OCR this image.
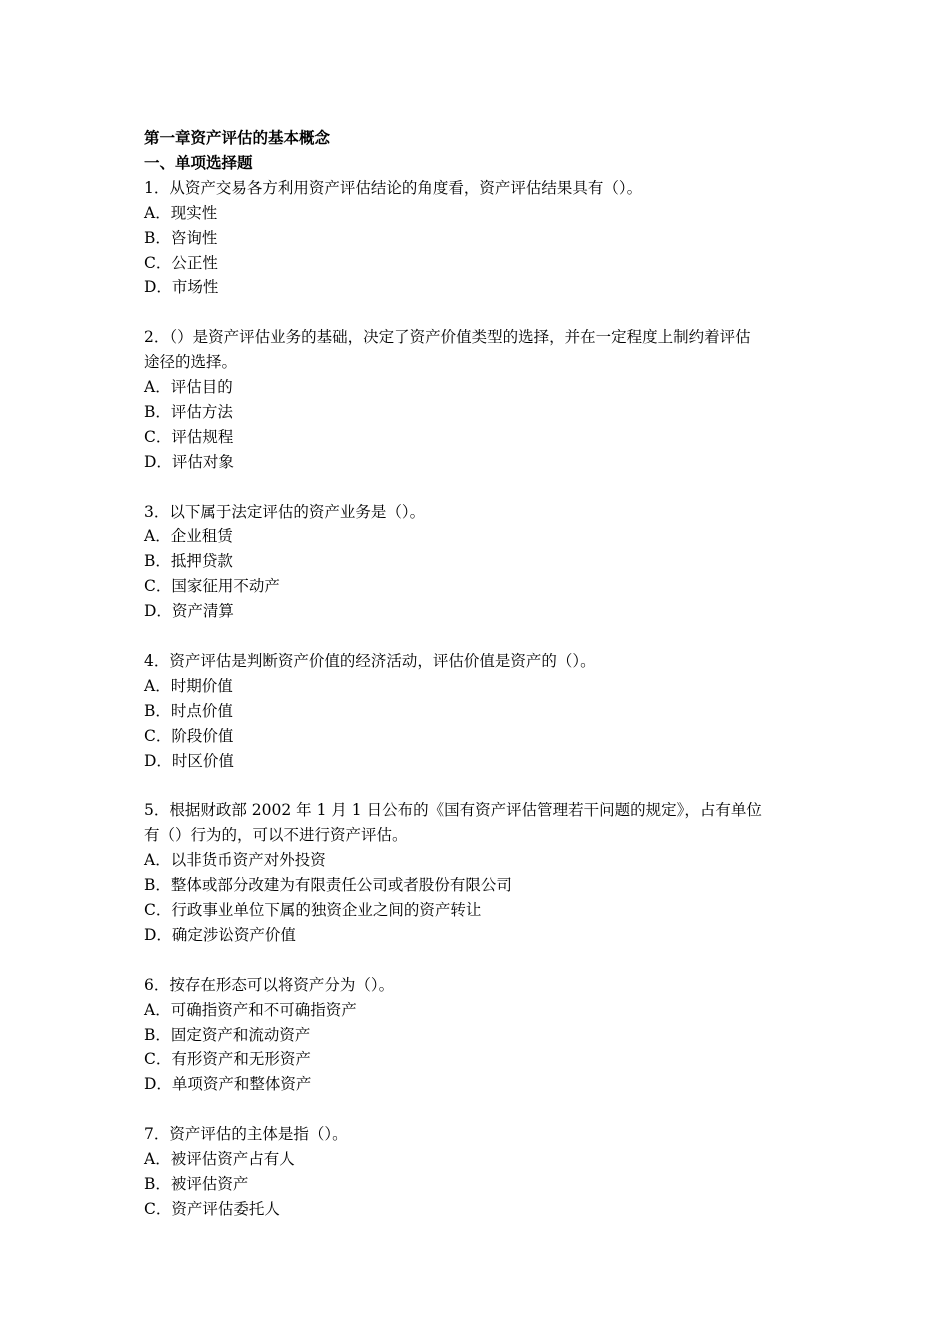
第一章资产评估的基本概念
一、单项选择题
1．从资产交易各方利用资产评估结论的角度看，资产评估结果具有（）。
A．现实性
B．咨询性
C．公正性
D．市场性
2．（）是资产评估业务的基础，决定了资产价值类型的选择，并在一定程度上制约着评估
途径的选择。
A．评估目的
B．评估方法
C．评估规程
D．评估对象
3．以下属于法定评估的资产业务是（）。
A．企业租赁
B．抵押贷款
C．国家征用不动产
D．资产清算
4．资产评估是判断资产价值的经济活动，评估价值是资产的（）。
A．时期价值
B．时点价值
C．阶段价值
D．时区价值
5．根据财政部 2002 年 1 月 1 日公布的《国有资产评估管理若干问题的规定》，占有单位
有（）行为的，可以不进行资产评估。
A．以非货币资产对外投资
B．整体或部分改建为有限责任公司或者股份有限公司
C．行政事业单位下属的独资企业之间的资产转让
D．确定涉讼资产价值
6．按存在形态可以将资产分为（）。
A．可确指资产和不可确指资产
B．固定资产和流动资产
C．有形资产和无形资产
D．单项资产和整体资产
7．资产评估的主体是指（）。
A．被评估资产占有人
B．被评估资产
C．资产评估委托人
